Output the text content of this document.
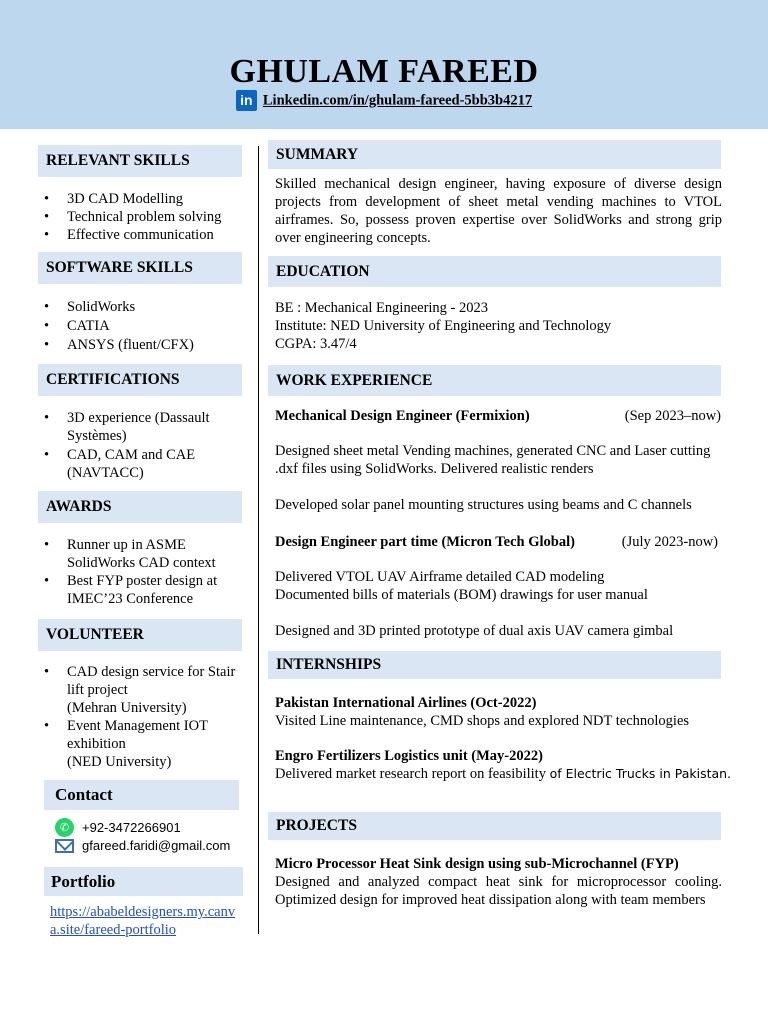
GHULAM FAREED
in Linkedin.com/in/ghulam-fareed-5bb3b4217
RELEVANT SKILLS
• 3D CAD Modelling
• Technical problem solving
• Effective communication
SOFTWARE SKILLS
• SolidWorks
• CATIA
• ANSYS (fluent/CFX)
CERTIFICATIONS
• 3D experience (Dassault Systèmes)
• CAD, CAM and CAE (NAVTACC)
AWARDS
• Runner up in ASME SolidWorks CAD context
• Best FYP poster design at IMEC’23 Conference
VOLUNTEER
• CAD design service for Stair lift project
(Mehran University)
• Event Management IOT exhibition
(NED University)
Contact
✆ +92-3472266901
gfareed.faridi@gmail.com
Portfolio
https://ababeldesigners.my.canva.site/fareed-portfolio
SUMMARY
Skilled mechanical design engineer, having exposure of diverse design projects from development of sheet metal vending machines to VTOL airframes. So, possess proven expertise over SolidWorks and strong grip over engineering concepts.
EDUCATION
BE : Mechanical Engineering - 2023
Institute: NED University of Engineering and Technology
CGPA: 3.47/4
WORK EXPERIENCE
Mechanical Design Engineer (Fermixion)	(Sep 2023–now)
Designed sheet metal Vending machines, generated CNC and Laser cutting .dxf files using SolidWorks. Delivered realistic renders
Developed solar panel mounting structures using beams and C channels
Design Engineer part time (Micron Tech Global)	(July 2023-now)
Delivered VTOL UAV Airframe detailed CAD modeling
Documented bills of materials (BOM) drawings for user manual
Designed and 3D printed prototype of dual axis UAV camera gimbal
INTERNSHIPS
Pakistan International Airlines (Oct-2022)
Visited Line maintenance, CMD shops and explored NDT technologies
Engro Fertilizers Logistics unit (May-2022)
Delivered market research report on feasibility of Electric Trucks in Pakistan.
PROJECTS
Micro Processor Heat Sink design using sub-Microchannel (FYP)
Designed and analyzed compact heat sink for microprocessor cooling. Optimized design for improved heat dissipation along with team members
